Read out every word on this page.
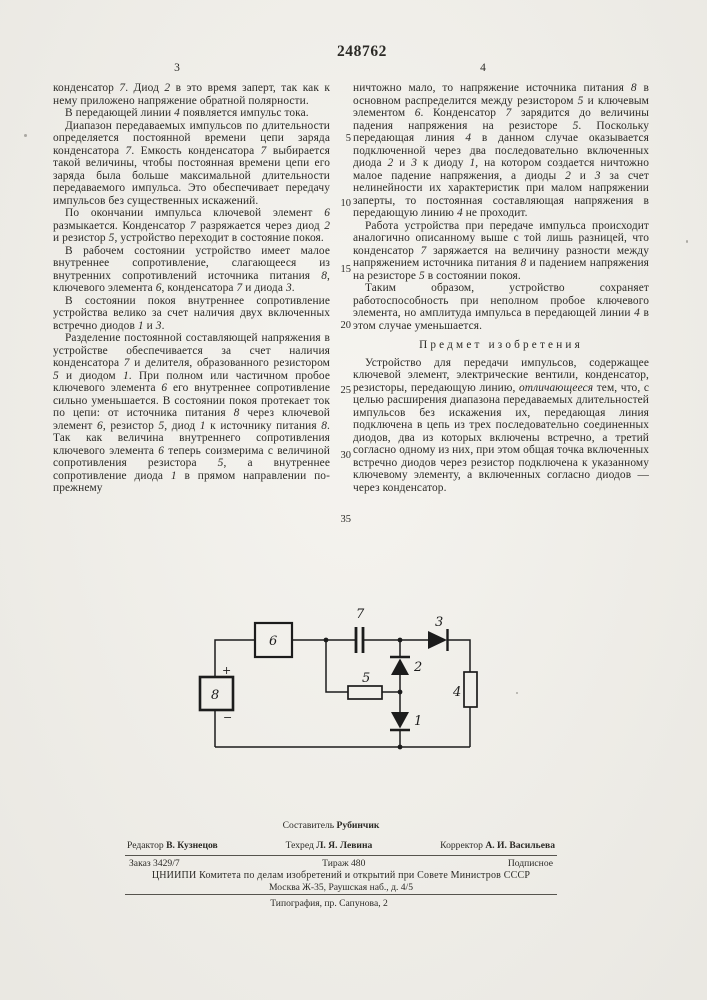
248762
3	4

конденсатор 7. Диод 2 в это время заперт, так как к нему приложено напряжение обратной полярности.

В передающей линии 4 появляется импульс тока.

Диапазон передаваемых импульсов по длительности определяется постоянной времени цепи заряда конденсатора 7. Емкость конденсатора 7 выбирается такой величины, чтобы постоянная времени цепи его заряда была больше максимальной длительности передаваемого импульса. Это обеспечивает передачу импульсов без существенных искажений.

По окончании импульса ключевой элемент 6 размыкается. Конденсатор 7 разряжается через диод 2 и резистор 5, устройство переходит в состояние покоя.

В рабочем состоянии устройство имеет малое внутреннее сопротивление, слагающееся из внутренних сопротивлений источника питания 8, ключевого элемента 6, конденсатора 7 и диода 3.

В состоянии покоя внутреннее сопротивление устройства велико за счет наличия двух включенных встречно диодов 1 и 3.

Разделение постоянной составляющей напряжения в устройстве обеспечивается за счет наличия конденсатора 7 и делителя, образованного резистором 5 и диодом 1. При полном или частичном пробое ключевого элемента 6 его внутреннее сопротивление сильно уменьшается. В состоянии покоя протекает ток по цепи: от источника питания 8 через ключевой элемент 6, резистор 5, диод 1 к источнику питания 8. Так как величина внутреннего сопротивления ключевого элемента 6 теперь соизмерима с величиной сопротивления резистора 5, а внутреннее сопротивление диода 1 в прямом направлении по-прежнему

ничтожно мало, то напряжение источника питания 8 в основном распределится между резистором 5 и ключевым элементом 6. Конденсатор 7 зарядится до величины падения напряжения на резисторе 5. Поскольку передающая линия 4 в данном случае оказывается подключенной через два последовательно включенных диода 2 и 3 к диоду 1, на котором создается ничтожно малое падение напряжения, а диоды 2 и 3 за счет нелинейности их характеристик при малом напряжении заперты, то постоянная составляющая напряжения в передающую линию 4 не проходит.

Работа устройства при передаче импульса происходит аналогично описанному выше с той лишь разницей, что конденсатор 7 заряжается на величину разности между напряжением источника питания 8 и падением напряжения на резисторе 5 в состоянии покоя.

Таким образом, устройство сохраняет работоспособность при неполном пробое ключевого элемента, но амплитуда импульса в передающей линии 4 в этом случае уменьшается.

Предмет изобретения

Устройство для передачи импульсов, содержащее ключевой элемент, электрические вентили, конденсатор, резисторы, передающую линию, отличающееся тем, что, с целью расширения диапазона передаваемых длительностей импульсов без искажения их, передающая линия подключена в цепь из трех последовательно соединенных диодов, два из которых включены встречно, а третий согласно одному из них, при этом общая точка включенных встречно диодов через резистор подключена к указанному ключевому элементу, а включенных согласно диодов — через конденсатор.

5
10
15
20
25
30
35
8
+
−
6
7
3
2
1
5
4
Составитель Рубинчик
Редактор В. Кузнецов	Техред Л. Я. Левина	Корректор А. И. Васильева
Заказ 3429/7	Тираж 480	Подписное
ЦНИИПИ Комитета по делам изобретений и открытий при Совете Министров СССР
Москва Ж-35, Раушская наб., д. 4/5
Типография, пр. Сапунова, 2
